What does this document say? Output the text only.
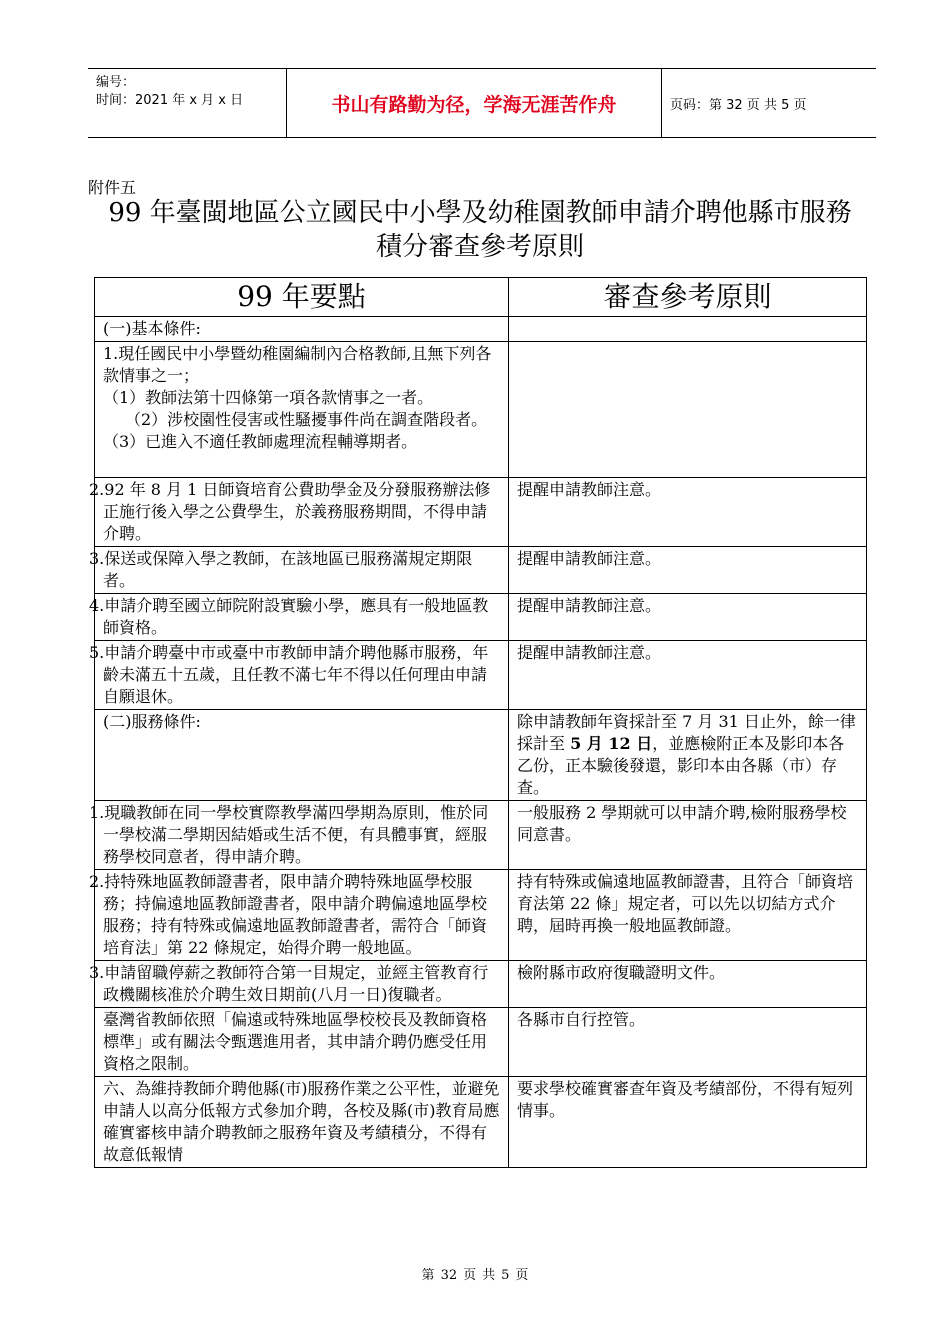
编号：
时间：2021 年 x 月 x 日	书山有路勤为径，学海无涯苦作舟	页码：第 32 页 共 5 页
附件五
99 年臺閩地區公立國民中小學及幼稚園教師申請介聘他縣市服務
積分審查參考原則
99 年要點	審查參考原則
(一)基本條件:	

1.現任國民中小學暨幼稚園編制內合格教師,且無下列各款情事之一；
（1）教師法第十四條第一項各款情事之一者。
（2）涉校園性侵害或性騷擾事件尚在調查階段者。
（3）已進入不適任教師處理流程輔導期者。	

2.92 年 8 月 1 日師資培育公費助學金及分發服務辦法修正施行後入學之公費學生，於義務服務期間，不得申請介聘。	提醒申請教師注意。
3.保送或保障入學之教師，在該地區已服務滿規定期限者。	提醒申請教師注意。
4.申請介聘至國立師院附設實驗小學，應具有一般地區教師資格。	提醒申請教師注意。
5.申請介聘臺中市或臺中市教師申請介聘他縣市服務，年齡未滿五十五歲，且任教不滿七年不得以任何理由申請自願退休。	提醒申請教師注意。
(二)服務條件:	除申請教師年資採計至 7 月 31 日止外，餘一律採計至 5 月 12 日，並應檢附正本及影印本各乙份，正本驗後發還，影印本由各縣（市）存查。
1.現職教師在同一學校實際教學滿四學期為原則，惟於同一學校滿二學期因結婚或生活不便，有具體事實，經服務學校同意者，得申請介聘。	一般服務 2 學期就可以申請介聘,檢附服務學校同意書。
2.持特殊地區教師證書者，限申請介聘特殊地區學校服務；持偏遠地區教師證書者，限申請介聘偏遠地區學校服務；持有特殊或偏遠地區教師證書者，需符合「師資培育法」第 22 條規定，始得介聘一般地區。	持有特殊或偏遠地區教師證書，且符合「師資培育法第 22 條」規定者，可以先以切結方式介聘，屆時再換一般地區教師證。
3.申請留職停薪之教師符合第一目規定，並經主管教育行政機關核准於介聘生效日期前(八月一日)復職者。	檢附縣市政府復職證明文件。
臺灣省教師依照「偏遠或特殊地區學校校長及教師資格標準」或有關法令甄選進用者，其申請介聘仍應受任用資格之限制。	各縣市自行控管。
六、為維持教師介聘他縣(市)服務作業之公平性，並避免申請人以高分低報方式參加介聘，各校及縣(市)教育局應確實審核申請介聘教師之服務年資及考績積分，不得有故意低報情	要求學校確實審查年資及考績部份，不得有短列情事。
第 32 页 共 5 页
